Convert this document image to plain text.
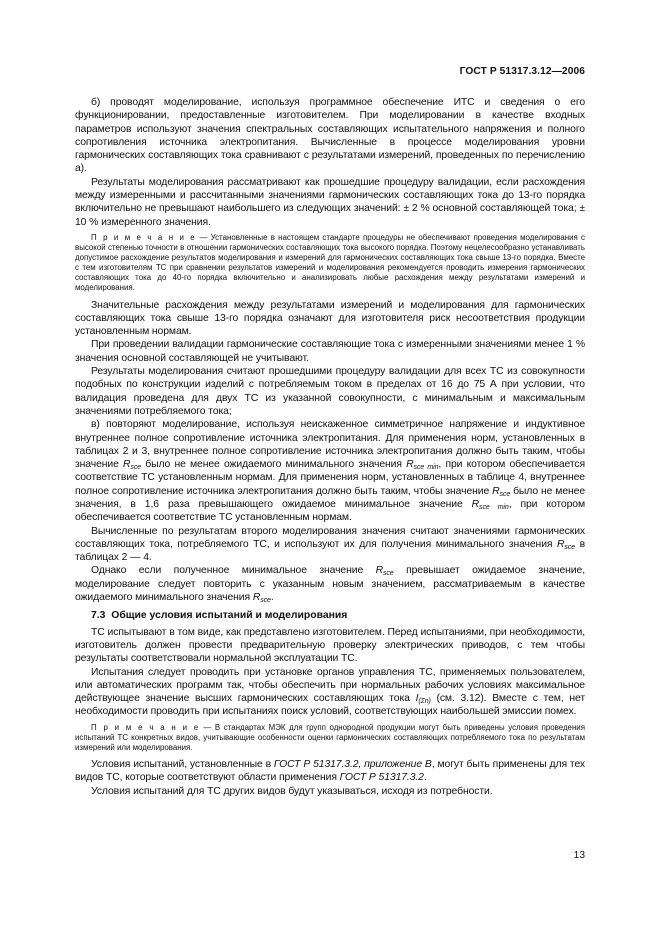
ГОСТ Р 51317.3.12—2006

б) проводят моделирование, используя программное обеспечение ИТС и сведения о его функционировании, предоставленные изготовителем. При моделировании в качестве входных параметров используют значения спектральных составляющих испытательного напряжения и полного сопротивления источника электропитания. Вычисленные в процессе моделирования уровни гармонических составляющих тока сравнивают с результатами измерений, проведенных по перечислению а).

Результаты моделирования рассматривают как прошедшие процедуру валидации, если расхождения между измеренными и рассчитанными значениями гармонических составляющих тока до 13-го порядка включительно не превышают наибольшего из следующих значений: ± 2 % основной составляющей тока; ± 10 % измеренного значения.

П р и м е ч а н и е — Установленные в настоящем стандарте процедуры не обеспечивают проведения моделирования с высокой степенью точности в отношении гармонических составляющих тока высокого порядка. Поэтому нецелесообразно устанавливать допустимое расхождение результатов моделирования и измерений для гармонических составляющих тока свыше 13-го порядка. Вместе с тем изготовителям ТС при сравнении результатов измерений и моделирования рекомендуется проводить измерения гармонических составляющих тока до 40-го порядка включительно и анализировать любые расхождения между результатами измерений и моделирования.

Значительные расхождения между результатами измерений и моделирования для гармонических составляющих тока свыше 13-го порядка означают для изготовителя риск несоответствия продукции установленным нормам.

При проведении валидации гармонические составляющие тока с измеренными значениями менее 1 % значения основной составляющей не учитывают.

Результаты моделирования считают прошедшими процедуру валидации для всех ТС из совокупности подобных по конструкции изделий с потребляемым током в пределах от 16 до 75 А при условии, что валидация проведена для двух ТС из указанной совокупности, с минимальным и максимальным значениями потребляемого тока;

в) повторяют моделирование, используя неискаженное симметричное напряжение и индуктивное внутреннее полное сопротивление источника электропитания. Для применения норм, установленных в таблицах 2 и 3, внутреннее полное сопротивление источника электропитания должно быть таким, чтобы значение $R_{sce}$ было не менее ожидаемого минимального значения $R_{sce min}$, при котором обеспечивается соответствие ТС установленным нормам. Для применения норм, установленных в таблице 4, внутреннее полное сопротивление источника электропитания должно быть таким, чтобы значение $R_{sce}$ было не менее значения, в 1,6 раза превышающего ожидаемое минимальное значение $R_{sce min}$, при котором обеспечивается соответствие ТС установленным нормам.

Вычисленные по результатам второго моделирования значения считают значениями гармонических составляющих тока, потребляемого ТС, и используют их для получения минимального значения $R_{sce}$ в таблицах 2 — 4.

Однако если полученное минимальное значение $R_{sce}$ превышает ожидаемое значение, моделирование следует повторить с указанным новым значением, рассматриваемым в качестве ожидаемого минимального значения $R_{sce}$.

7.3 Общие условия испытаний и моделирования

ТС испытывают в том виде, как представлено изготовителем. Перед испытаниями, при необходимости, изготовитель должен провести предварительную проверку электрических приводов, с тем чтобы результаты соответствовали нормальной эксплуатации ТС.

Испытания следует проводить при установке органов управления ТС, применяемых пользователем, или автоматических программ так, чтобы обеспечить при нормальных рабочих условиях максимальное действующее значение высших гармонических составляющих тока $I_{(\Sigma n)}$ (см. 3.12). Вместе с тем, нет необходимости проводить при испытаниях поиск условий, соответствующих наибольшей эмиссии помех.

П р и м е ч а н и е — В стандартах МЭК для групп однородной продукции могут быть приведены условия проведения испытаний ТС конкретных видов, учитывающие особенности оценки гармонических составляющих потребляемого тока по результатам измерений или моделирования.

Условия испытаний, установленные в ГОСТ Р 51317.3.2, приложение В, могут быть применены для тех видов ТС, которые соответствуют области применения ГОСТ Р 51317.3.2.

Условия испытаний для ТС других видов будут указываться, исходя из потребности.

13
